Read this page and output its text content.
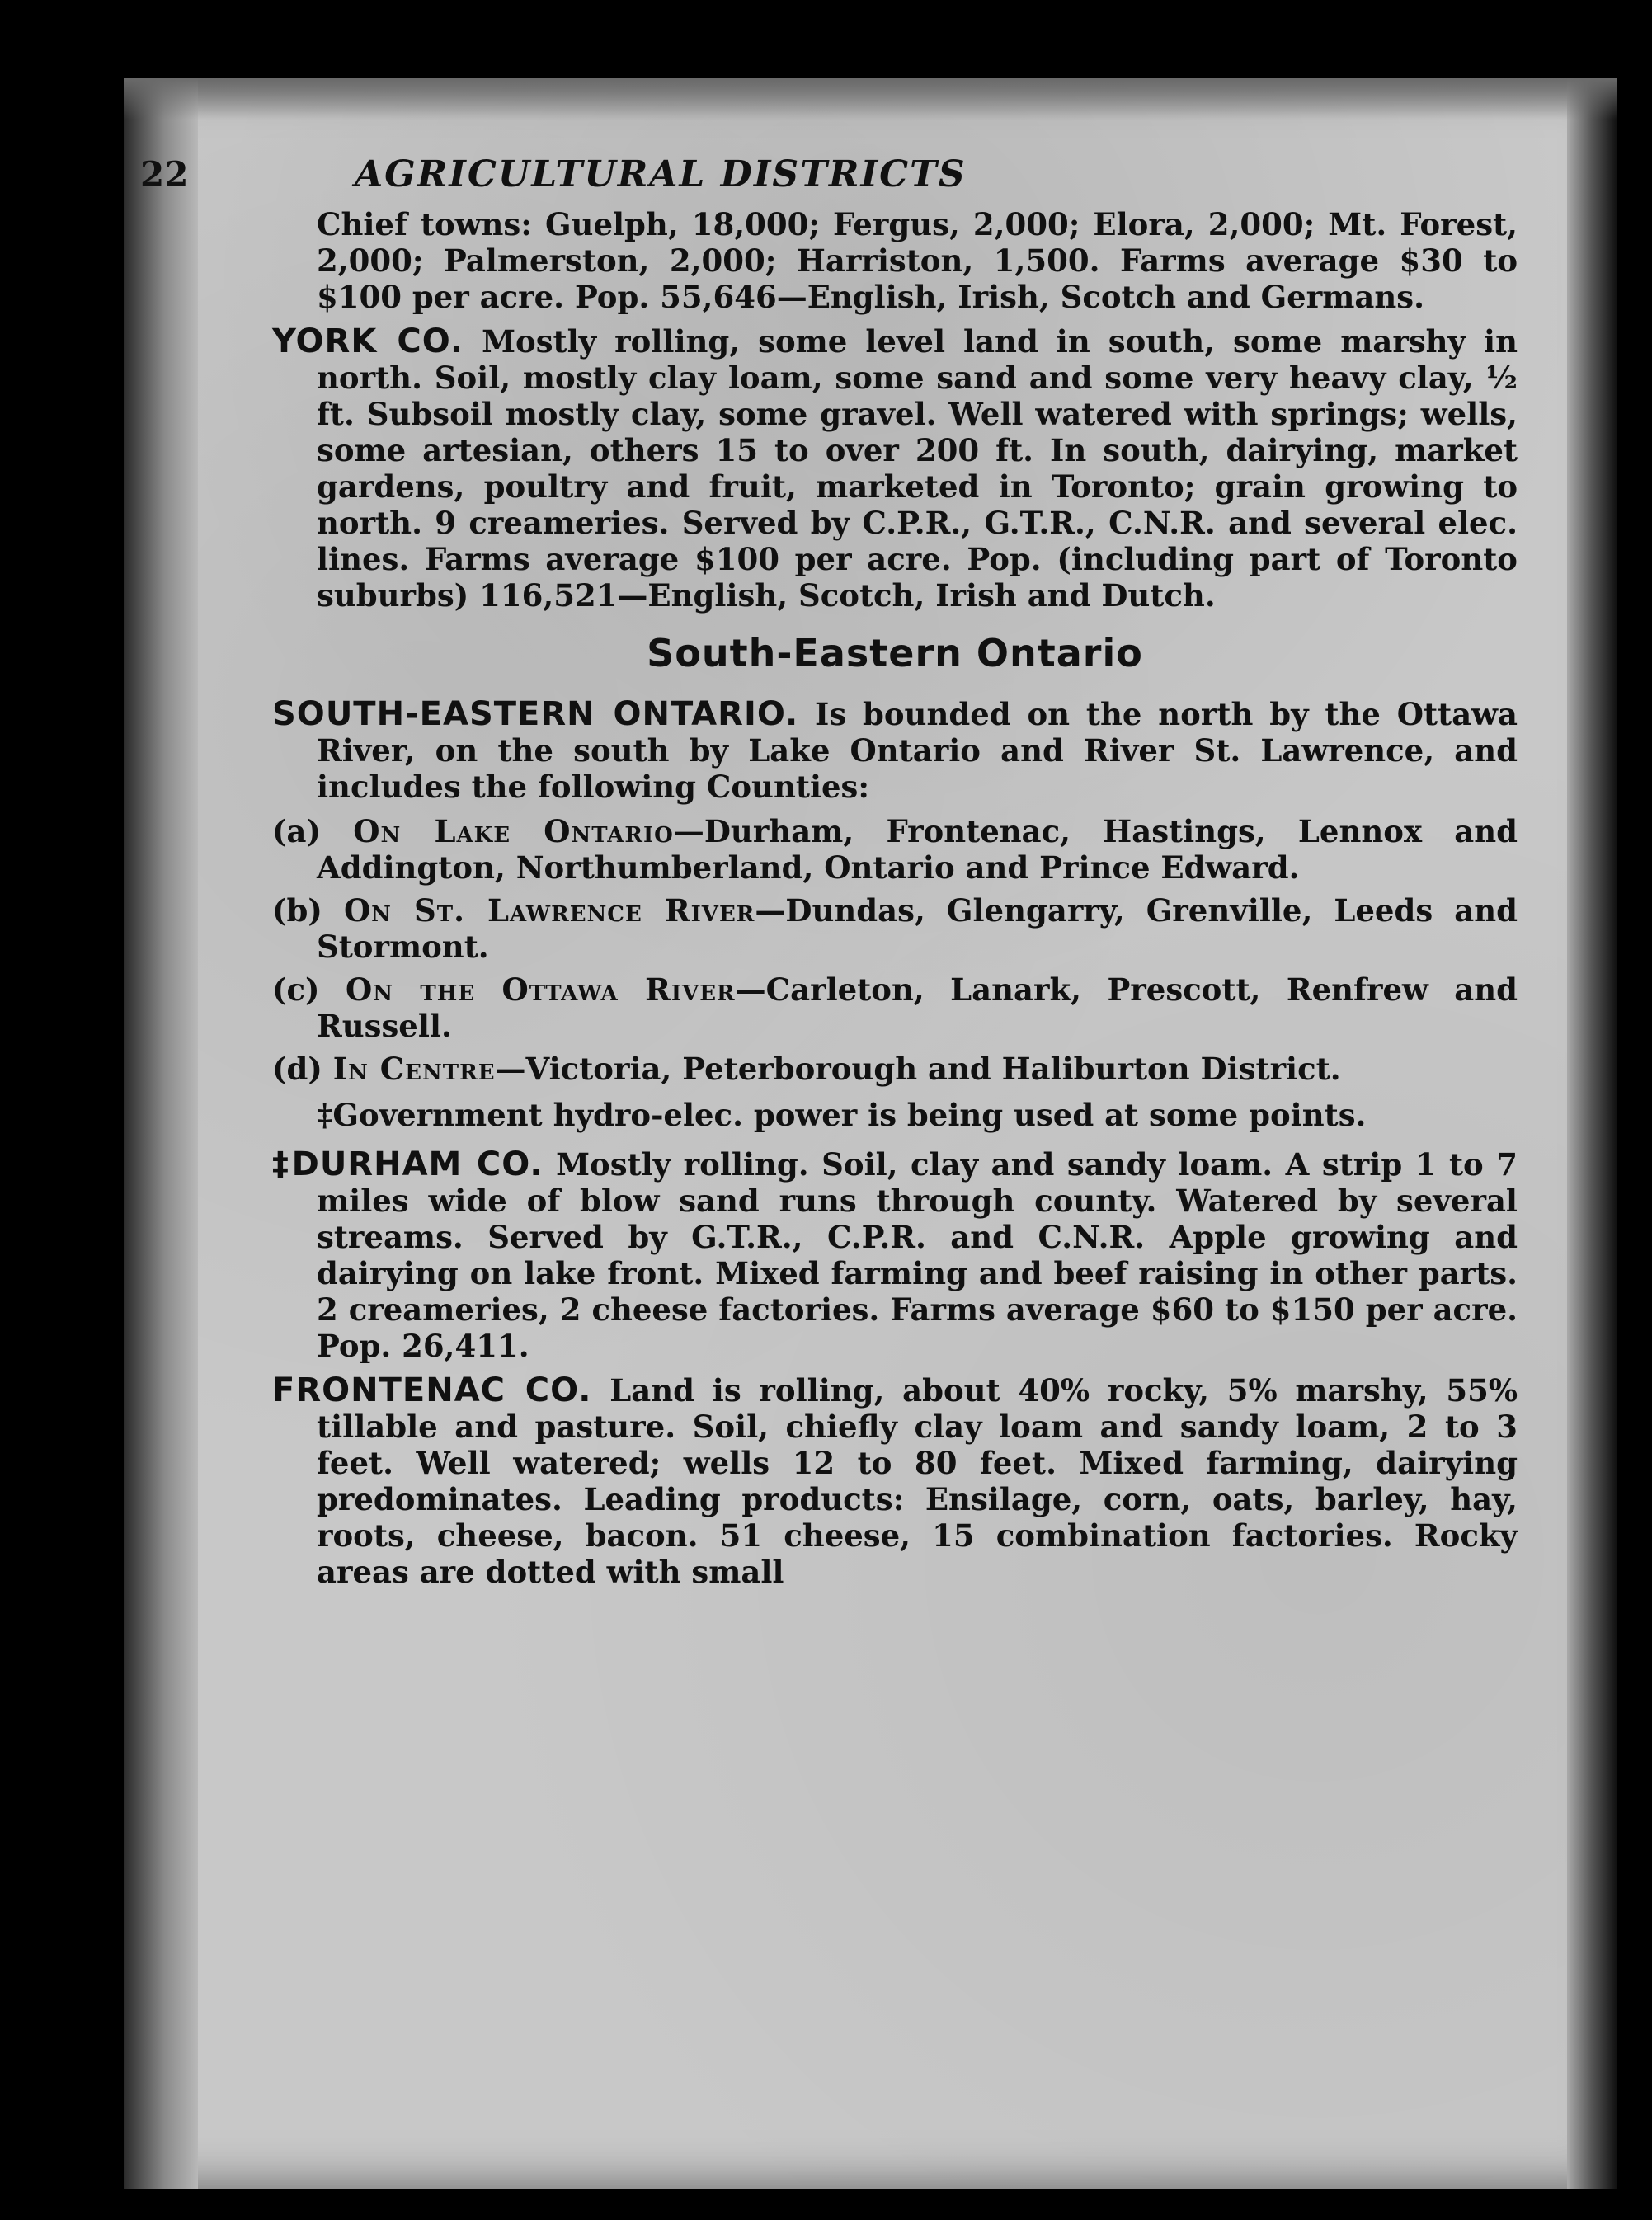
22	AGRICULTURAL DISTRICTS

Chief towns: Guelph, 18,000; Fergus, 2,000; Elora, 2,000; Mt. Forest, 2,000; Palmerston, 2,000; Harriston, 1,500. Farms average $30 to $100 per acre. Pop. 55,646—English, Irish, Scotch and Germans.

YORK CO. Mostly rolling, some level land in south, some marshy in north. Soil, mostly clay loam, some sand and some very heavy clay, ½ ft. Subsoil mostly clay, some gravel. Well watered with springs; wells, some artesian, others 15 to over 200 ft. In south, dairying, market gardens, poultry and fruit, marketed in Toronto; grain growing to north. 9 creameries. Served by C.P.R., G.T.R., C.N.R. and several elec. lines. Farms average $100 per acre. Pop. (including part of Toronto suburbs) 116,521—English, Scotch, Irish and Dutch.

South-Eastern Ontario

SOUTH-EASTERN ONTARIO. Is bounded on the north by the Ottawa River, on the south by Lake Ontario and River St. Lawrence, and includes the following Counties:

(a) On Lake Ontario—Durham, Frontenac, Hastings, Lennox and Addington, Northumberland, Ontario and Prince Edward.

(b) On St. Lawrence River—Dundas, Glengarry, Grenville, Leeds and Stormont.

(c) On the Ottawa River—Carleton, Lanark, Prescott, Renfrew and Russell.

(d) In Centre—Victoria, Peterborough and Haliburton District.

‡Government hydro-elec. power is being used at some points.

‡DURHAM CO. Mostly rolling. Soil, clay and sandy loam. A strip 1 to 7 miles wide of blow sand runs through county. Watered by several streams. Served by G.T.R., C.P.R. and C.N.R. Apple growing and dairying on lake front. Mixed farming and beef raising in other parts. 2 creameries, 2 cheese factories. Farms average $60 to $150 per acre. Pop. 26,411.

FRONTENAC CO. Land is rolling, about 40% rocky, 5% marshy, 55% tillable and pasture. Soil, chiefly clay loam and sandy loam, 2 to 3 feet. Well watered; wells 12 to 80 feet. Mixed farming, dairying predominates. Leading products: Ensilage, corn, oats, barley, hay, roots, cheese, bacon. 51 cheese, 15 combination factories. Rocky areas are dotted with small
